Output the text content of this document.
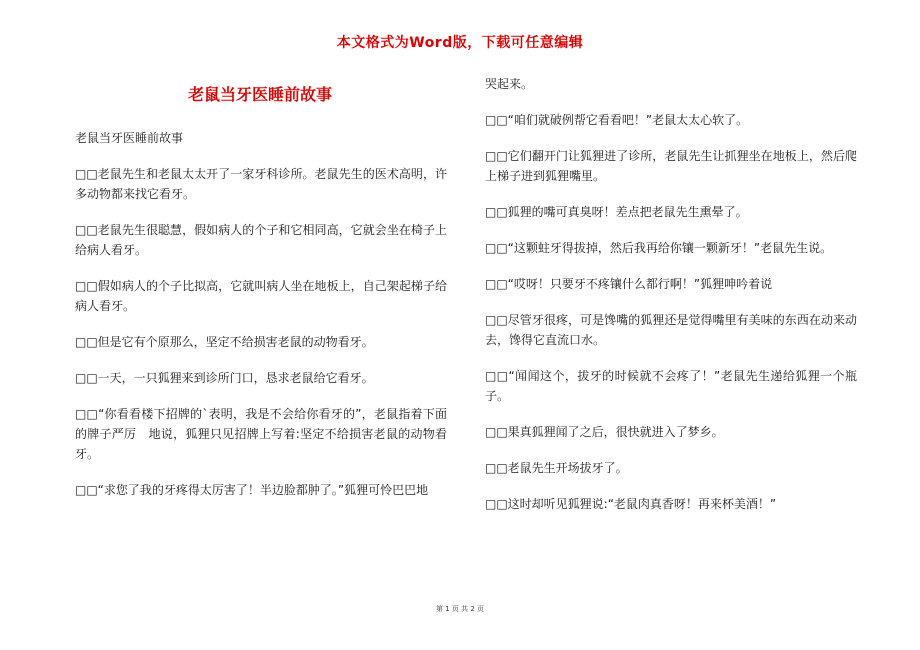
本文格式为Word版，下载可任意编辑
老鼠当牙医睡前故事

老鼠当牙医睡前故事

□□老鼠先生和老鼠太太开了一家牙科诊所。老鼠先生的医术高明，许多动物都来找它看牙。

□□老鼠先生很聪慧，假如病人的个子和它相同高，它就会坐在椅子上给病人看牙。

□□假如病人的个子比拟高，它就叫病人坐在地板上，自己架起梯子给病人看牙。

□□但是它有个原那么，坚定不给损害老鼠的动物看牙。

□□一天，一只狐狸来到诊所门口，恳求老鼠给它看牙。

□□“你看看楼下招牌的`表明，我是不会给你看牙的”，老鼠指着下面的牌子严厉　地说，狐狸只见招牌上写着:坚定不给损害老鼠的动物看牙。

□□“求您了我的牙疼得太厉害了！半边脸都肿了。”狐狸可怜巴巴地

哭起来。

□□“咱们就破例帮它看看吧！”老鼠太太心软了。

□□它们翻开门让狐狸进了诊所，老鼠先生让抓狸坐在地板上，然后爬上梯子进到狐狸嘴里。

□□狐狸的嘴可真臭呀！差点把老鼠先生熏晕了。

□□“这颗蛀牙得拔掉，然后我再给你镶一颗新牙！”老鼠先生说。

□□“哎呀！只要牙不疼镶什么都行啊！”狐狸呻吟着说

□□尽管牙很疼，可是馋嘴的狐狸还是觉得嘴里有美味的东西在动来动去，馋得它直流口水。

□□“闻闻这个，拔牙的时候就不会疼了！”老鼠先生递给狐狸一个瓶子。

□□果真狐狸闻了之后，很快就进入了梦乡。

□□老鼠先生开场拔牙了。

□□这时却听见狐狸说:“老鼠肉真香呀！再来杯美酒！”

第 1 页 共 2 页
